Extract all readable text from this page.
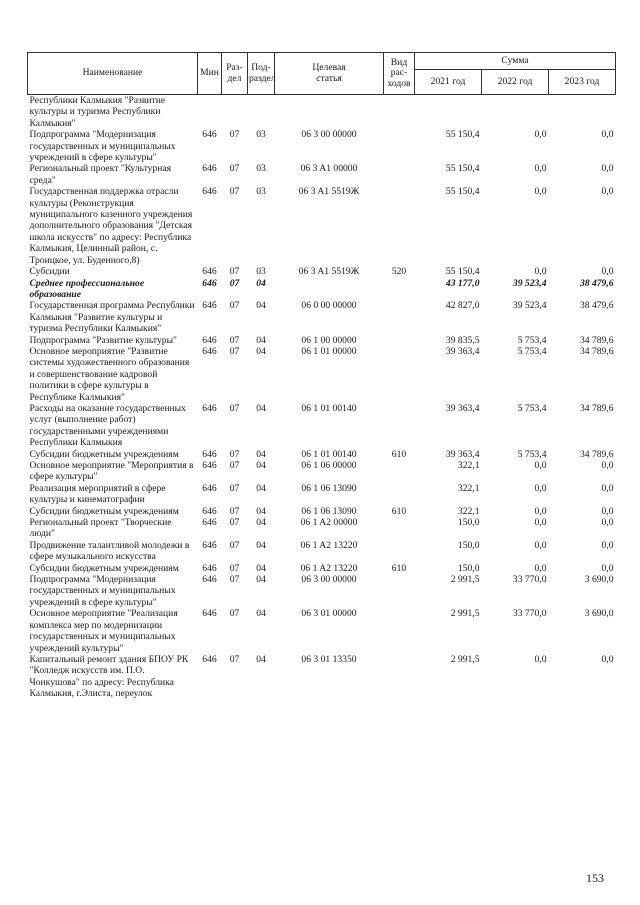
Наименование	Мин	Раз-
дел	Под-
раздел	Целевая
статья	Вид
рас-
ходов	Сумма		
						2021 год	2022 год	2023 год
Республики Калмыкия "Развитие культуры и туризма Республики Калмыкия"								
Подпрограмма "Модернизация государственных и муниципальных учреждений в сфере культуры"	646	07	03	06 3 00 00000		55 150,4	0,0	0,0
Региональный проект "Культурная среда"	646	07	03	06 3 A1 00000		55 150,4	0,0	0,0
Государственная поддержка отрасли культуры (Реконструкция муниципального казенного учреждения дополнительного образования "Детская школа искусств" по адресу: Республика Калмыкия, Целинный район, с. Троицкое, ул. Буденного,8)	646	07	03	06 3 A1 5519Ж		55 150,4	0,0	0,0
Субсидии	646	07	03	06 3 A1 5519Ж	520	55 150,4	0,0	0,0
Среднее профессиональное образование	646	07	04			43 177,0	39 523,4	38 479,6
Государственная программа Республики Калмыкия "Развитие культуры и туризма Республики Калмыкия"	646	07	04	06 0 00 00000		42 827,0	39 523,4	38 479,6
Подпрограмма "Развитие культуры"	646	07	04	06 1 00 00000		39 835,5	5 753,4	34 789,6
Основное мероприятие "Развитие системы художественного образования и совершенствование кадровой политики в сфере культуры в Республике Калмыкия"	646	07	04	06 1 01 00000		39 363,4	5 753,4	34 789,6
Расходы на оказание государственных услуг (выполнение работ) государственными учреждениями Республики Калмыкия	646	07	04	06 1 01 00140		39 363,4	5 753,4	34 789,6
Субсидии бюджетным учреждениям	646	07	04	06 1 01 00140	610	39 363,4	5 753,4	34 789,6
Основное мероприятие "Мероприятия в сфере культуры"	646	07	04	06 1 06 00000		322,1	0,0	0,0
Реализация мероприятий в сфере культуры и кинематографии	646	07	04	06 1 06 13090		322,1	0,0	0,0
Субсидии бюджетным учреждениям	646	07	04	06 1 06 13090	610	322,1	0,0	0,0
Региональный проект "Творческие люди"	646	07	04	06 1 A2 00000		150,0	0,0	0,0
Продвижение талантливой молодежи в сфере музыкального искусства	646	07	04	06 1 A2 13220		150,0	0,0	0,0
Субсидии бюджетным учреждениям	646	07	04	06 1 A2 13220	610	150,0	0,0	0,0
Подпрограмма "Модернизация государственных и муниципальных учреждений в сфере культуры"	646	07	04	06 3 00 00000		2 991,5	33 770,0	3 690,0
Основное мероприятие "Реализация комплекса мер по модернизации государственных и муниципальных учреждений культуры"	646	07	04	06 3 01 00000		2 991,5	33 770,0	3 690,0
Капитальный ремонт здания БПОУ РК "Колледж искусств им. П.О. Чонкушова" по адресу: Республика Калмыкия, г.Элиста, переулок	646	07	04	06 3 01 13350		2 991,5	0,0	0,0
153
